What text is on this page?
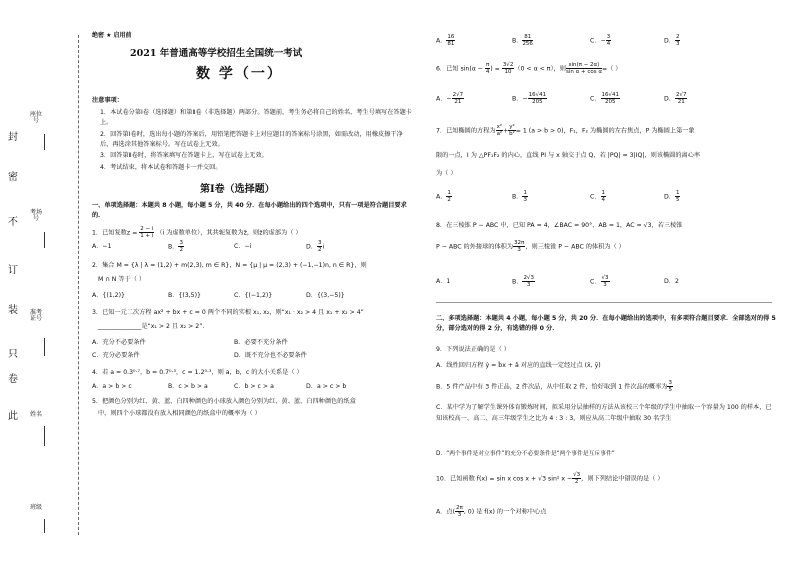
封
密
不
订
装
只
卷
此
座位号
考场号
准考证号
姓名
班级
绝密 ★ 启用前
2021 年普通高等学校招生全国统一考试
数 学（一）
注意事项：
1．本试卷分第Ⅰ卷（选择题）和第Ⅱ卷（非选择题）两部分。答题前，考生务必将自己的姓名、考生号填写在答题卡上。
2．回答第Ⅰ卷时，选出每小题的答案后，用铅笔把答题卡上对应题目的答案标号涂黑，如需改动，用橡皮擦干净后，再选涂其他答案标号。写在试卷上无效。
3．回答第Ⅱ卷时，将答案填写在答题卡上，写在试卷上无效。
4．考试结束，将本试卷和答题卡一并交回。
第Ⅰ卷（选择题）
一、单项选择题：本题共 8 小题，每小题 5 分，共 40 分．在每小题给出的四个选项中，只有一项是符合题目要求的．
1．已知复数$z = \frac{2 - i}{1 + i} (i$ 为虚数单位），其共轭复数为z̄，则z̄的虚部为（ ）
A．−1	B． $\frac{3}{2}$	C．−i	D． $\frac{3}{2}$ i
2．集合 M = {λ | λ = (1,2) + m(2,3), m ∈ R}，N = {μ | μ = (2,3) + (−1,−1)n, n ∈ R}，则
M ∩ N 等于（ ）
A．{(1,2)}	B．{(3,5)}	C．{(−1,2)}	D．{(3,−5)}
3．已知一元二次方程 ax² + bx + c = 0 两个不同的实根 x₁, x₂，则“x₁ · x₂ > 4 且 x₁ + x₂ > 4”
______________是“x₁ > 2 且 x₂ > 2”.
A．充分不必要条件	B．必要不充分条件
C．充分必要条件	D．既不充分也不必要条件
4．若 a = 0.3⁰·⁷，b = 0.7⁰·³，c = 1.2⁰·³，则 a，b，c 的大小关系是（ ）
A．a > b > c	B．c > b > a	C．b > c > a	D．a > c > b
5．把颜色分别为红、黄、蓝、白四种颜色的小球放入颜色分别为红、黄、蓝、白四种颜色的纸盒
中，则四个小球都没有放入相同颜色的纸盒中的概率为（ ）
A． $\frac{16}{81}$	B． $\frac{81}{256}$	C．− $\frac{3}{4}$	D． $\frac{2}{3}$
6．已知 $\sin(\alpha - \frac{\pi}{4}$ ) = $\frac{3√2}{10} (0 < \alpha < \pi)$，则 $\frac{\sin(\pi - 2\alpha)}{\text{sin α + cos α}}$ =（ ）
A．− $\frac{2√7}{21}$	B．− $\frac{16√41}{205}$	C． $\frac{16√41}{205}$	D． $\frac{2√7}{21}$
7．已知椭圆的方程为 $\frac{\text{x²}}{\text{a²}} + \frac{\text{y²}}{\text{b²}} = 1$ (a > b > 0)，F₁，F₂ 为椭圆的左右焦点，P 为椭圆上第一象
限的一点，I 为 △PF₁F₂ 的内心，直线 PI 与 x 轴交于点 Q，若 |PQ| = 3|IQ|，则该椭圆的离心率
为（ ）
A． $\frac{1}{2}$	B． $\frac{1}{3}$	C． $\frac{1}{4}$	D． $\frac{1}{5}$
8．在三棱锥 P − ABC 中，已知 PA = 4，∠BAC = 90°，AB = 1，AC = √3，若三棱锥
P − ABC 的外接球的体积为 $\frac{32\pi}{3}$ ，则三棱锥 P − ABC 的体积为（ ）
A．1	B． $\frac{2√3}{3}$	C． $\frac{√3}{3}$	D．2
二、多项选择题：本题共 4 小题，每小题 5 分，共 20 分．在每小题给出的选项中，有多项符合题目要求．全部选对的得 5 分，部分选对的得 2 分，有选错的得 0 分．
9．下列说法正确的是（ ）
A．线性回归方程 ŷ = b̂x + â 对应的直线一定经过点 (x̄, ȳ)
B．5 件产品中有 3 件正品，2 件次品，从中任取 2 件，恰好取到 1 件次品的概率为 $\frac{3}{5}$
C．某中学为了解学生课外体育锻炼时间，拟采用分层抽样的方法从该校三个年级的学生中抽取一个容量为 100 的样本，已知该校高一、高二、高三年级学生之比为 4 : 3 : 3，则应从高二年级中抽取 30 名学生
D．“两个事件是对立事件”的充分不必要条件是“两个事件是互斥事件”
10．已知函数 f(x) = sin x cos x + √3 sin² $x - \frac{√3}{2}$ ，则下列结论中错误的是（ ）
A．点( $\frac{2\pi}{3}$ , 0) 是 f(x) 的一个对称中心点
